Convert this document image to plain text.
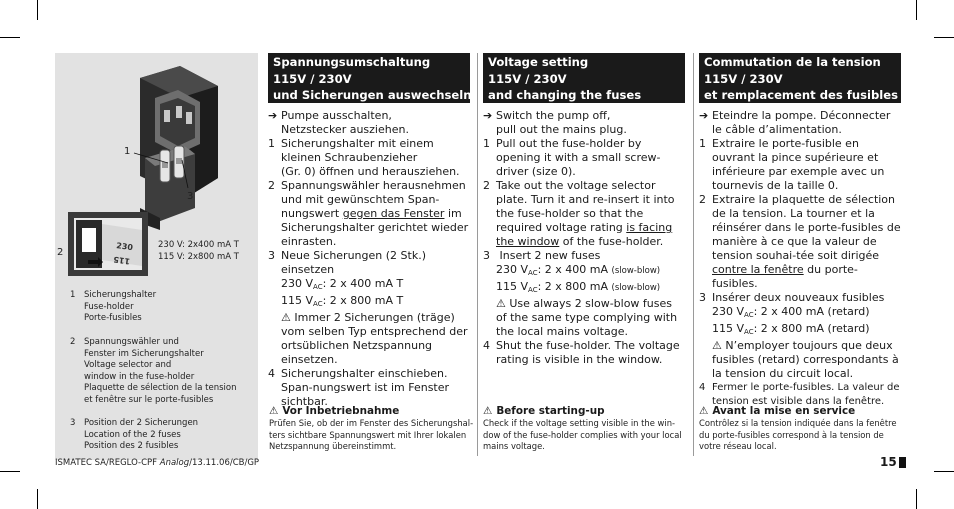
1
3
2
230
115
230 V: 2x400 mA T
115 V: 2x800 mA T
1 Sicherungshalter
Fuse-holder
Porte-fusibles
2 Spannungswähler und
Fenster im Sicherungshalter
Voltage selector and
window in the fuse-holder
Plaquette de sélection de la tension
et fenêtre sur le porte-fusibles
3 Position der 2 Sicherungen
Location of the 2 fuses
Position des 2 fusibles
Spannungsumschaltung
115V / 230V
und Sicherungen auswechseln
➔ Pumpe ausschalten,
Netzstecker ausziehen.
1 Sicherungshalter mit einem kleinen Schraubenzieher
(Gr. 0) öffnen und herausziehen.
2 Spannungswähler herausnehmen und mit gewünschtem Span-nungswert gegen das Fenster im Sicherungshalter gerichtet wieder einrasten.
3 Neue Sicherungen (2 Stk.)
einsetzen
230 $V_{AC}$: 2 x 400 mA T
115 $V_{AC}$: 2 x 800 mA T
⚠ Immer 2 Sicherungen (träge) vom selben Typ entsprechend der ortsüblichen Netzspannung einsetzen.
4 Sicherungshalter einschieben. Span-nungswert ist im Fenster sichtbar.
Voltage setting
115V / 230V
and changing the fuses
➔ Switch the pump off,
pull out the mains plug.
1 Pull out the fuse-holder by opening it with a small screw-driver (size 0).
2 Take out the voltage selector plate. Turn it and re-insert it into the fuse-holder so that the required voltage rating is facing the window of the fuse-holder.
3 Insert 2 new fuses
230 $V_{AC}$: 2 x 400 mA (slow-blow)
115 $V_{AC}$: 2 x 800 mA (slow-blow)
⚠ Use always 2 slow-blow fuses of the same type complying with the local mains voltage.
4 Shut the fuse-holder. The voltage rating is visible in the window.
Commutation de la tension
115V / 230V
et remplacement des fusibles
➔ Eteindre la pompe. Déconnecter le câble d’alimentation.
1 Extraire le porte-fusible en ouvrant la pince supérieure et inférieure par exemple avec un tournevis de la taille 0.
2 Extraire la plaquette de sélection de la tension. La tourner et la réinsérer dans le porte-fusibles de manière à ce que la valeur de tension souhai-tée soit dirigée contre la fenêtre du porte-fusibles.
3 Insérer deux nouveaux fusibles
230 $V_{AC}$: 2 x 400 mA (retard)
115 $V_{AC}$: 2 x 800 mA (retard)
⚠ N’employer toujours que deux fusibles (retard) correspondants à la tension du circuit local.
4 Fermer le porte-fusibles. La valeur de tension est visible dans la fenêtre.
⚠ Vor Inbetriebnahme
Prüfen Sie, ob der im Fenster des Sicherungshal-
ters sichtbare Spannungswert mit Ihrer lokalen
Netzspannung übereinstimmt.
⚠ Before starting-up
Check if the voltage setting visible in the win-
dow of the fuse-holder complies with your local
mains voltage.
⚠ Avant la mise en service
Contrôlez si la tension indiquée dans la fenêtre
du porte-fusibles correspond à la tension de
votre réseau local.
ISMATEC SA/REGLO-CPF Analog/13.11.06/CB/GP	15
